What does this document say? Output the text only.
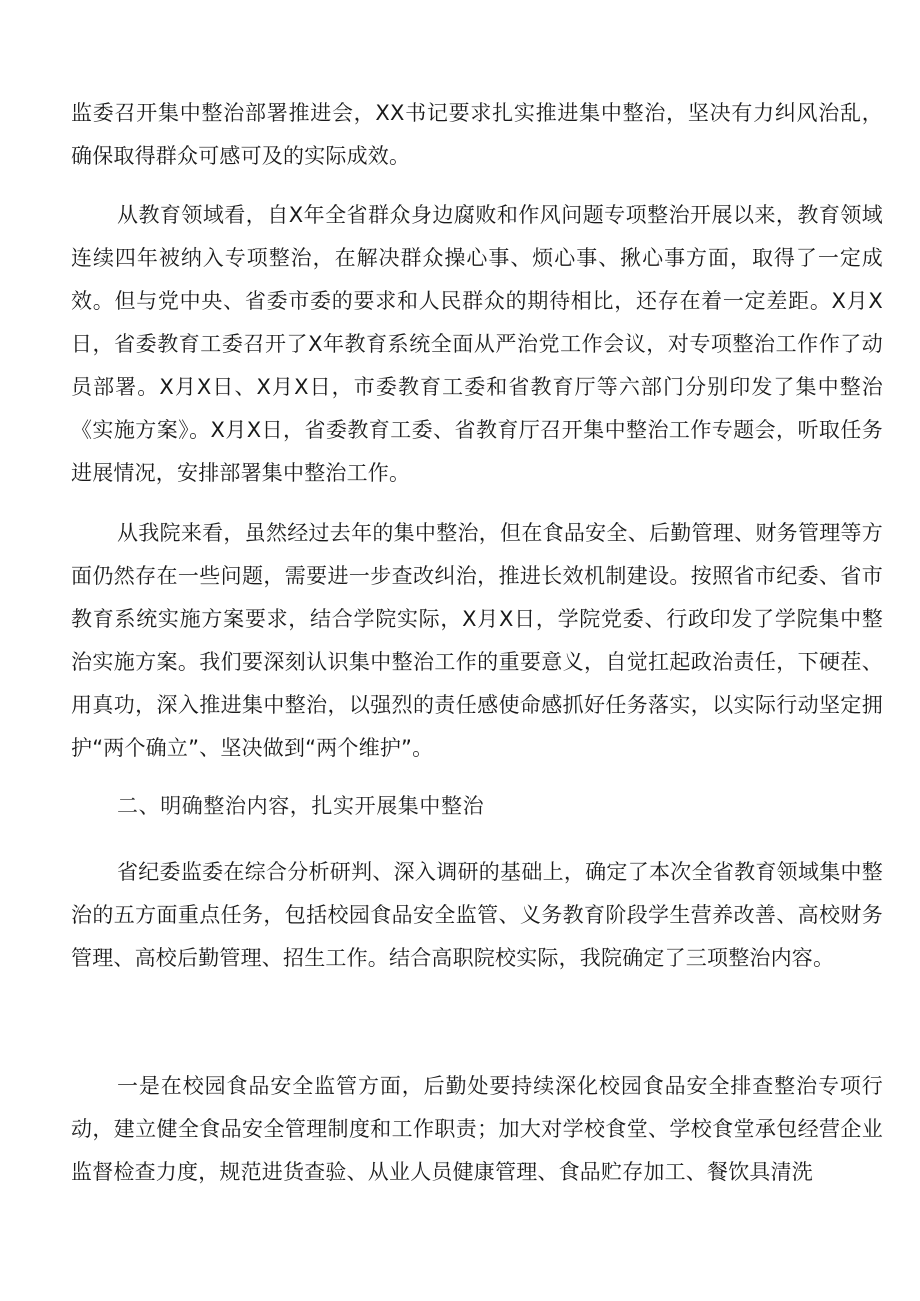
监委召开集中整治部署推进会，XX书记要求扎实推进集中整治，坚决有力纠风治乱，确保取得群众可感可及的实际成效。

从教育领域看，自X年全省群众身边腐败和作风问题专项整治开展以来，教育领域连续四年被纳入专项整治，在解决群众操心事、烦心事、揪心事方面，取得了一定成效。但与党中央、省委市委的要求和人民群众的期待相比，还存在着一定差距。X月X日，省委教育工委召开了X年教育系统全面从严治党工作会议，对专项整治工作作了动员部署。X月X日、X月X日，市委教育工委和省教育厅等六部门分别印发了集中整治《实施方案》。X月X日，省委教育工委、省教育厅召开集中整治工作专题会，听取任务进展情况，安排部署集中整治工作。

从我院来看，虽然经过去年的集中整治，但在食品安全、后勤管理、财务管理等方面仍然存在一些问题，需要进一步查改纠治，推进长效机制建设。按照省市纪委、省市教育系统实施方案要求，结合学院实际，X月X日，学院党委、行政印发了学院集中整治实施方案。我们要深刻认识集中整治工作的重要意义，自觉扛起政治责任，下硬茬、用真功，深入推进集中整治，以强烈的责任感使命感抓好任务落实，以实际行动坚定拥护“两个确立”、坚决做到“两个维护”。

二、明确整治内容，扎实开展集中整治

省纪委监委在综合分析研判、深入调研的基础上，确定了本次全省教育领域集中整治的五方面重点任务，包括校园食品安全监管、义务教育阶段学生营养改善、高校财务管理、高校后勤管理、招生工作。结合高职院校实际，我院确定了三项整治内容。

一是在校园食品安全监管方面，后勤处要持续深化校园食品安全排查整治专项行动，建立健全食品安全管理制度和工作职责；加大对学校食堂、学校食堂承包经营企业监督检查力度，规范进货查验、从业人员健康管理、食品贮存加工、餐饮具清洗
